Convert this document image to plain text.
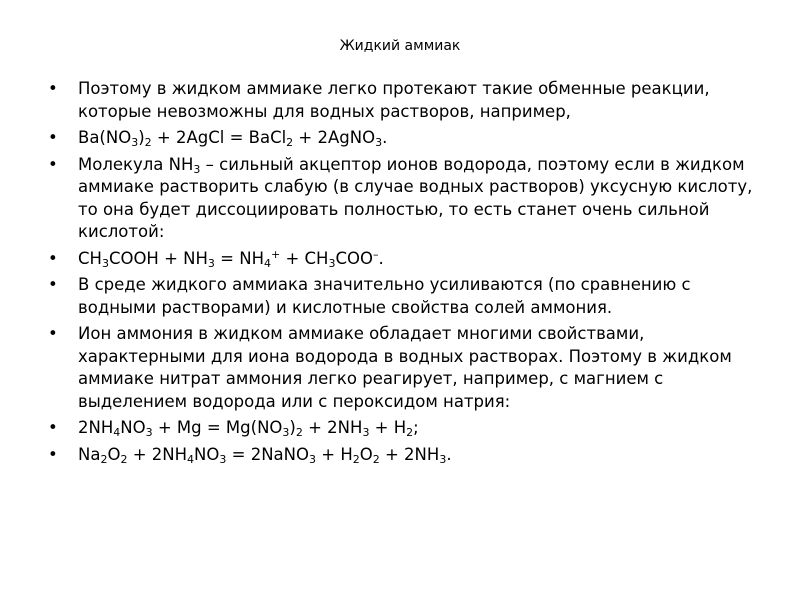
Жидкий аммиак
• Поэтому в жидком аммиаке легко протекают такие обменные реакции, которые невозможны для водных растворов, например,
• $Ba(NO_3)_2$ + 2AgCl = BaCl$_2$ + 2AgNO$_3$.
• Молекула $NH_3$ – сильный акцептор ионов водорода, поэтому если в жидком аммиаке растворить слабую (в случае водных растворов) уксусную кислоту, то она будет диссоциировать полностью, то есть станет очень сильной кислотой:
• $CH_3COOH + NH_3 = NH_4^+ + CH_3COO^-$.
• В среде жидкого аммиака значительно усиливаются (по сравнению с водными растворами) и кислотные свойства солей аммония.
• Ион аммония в жидком аммиаке обладает многими свойствами, характерными для иона водорода в водных растворах. Поэтому в жидком аммиаке нитрат аммония легко реагирует, например, с магнием с выделением водорода или с пероксидом натрия:
• $2NH_4NO_3 + Mg = Mg(NO_3)_2 + 2NH_3 + H_2$;
• $Na_2O_2 + 2NH_4NO_3$ = 2NaNO$_3$ + $H_2O_2 + 2NH_3$.
